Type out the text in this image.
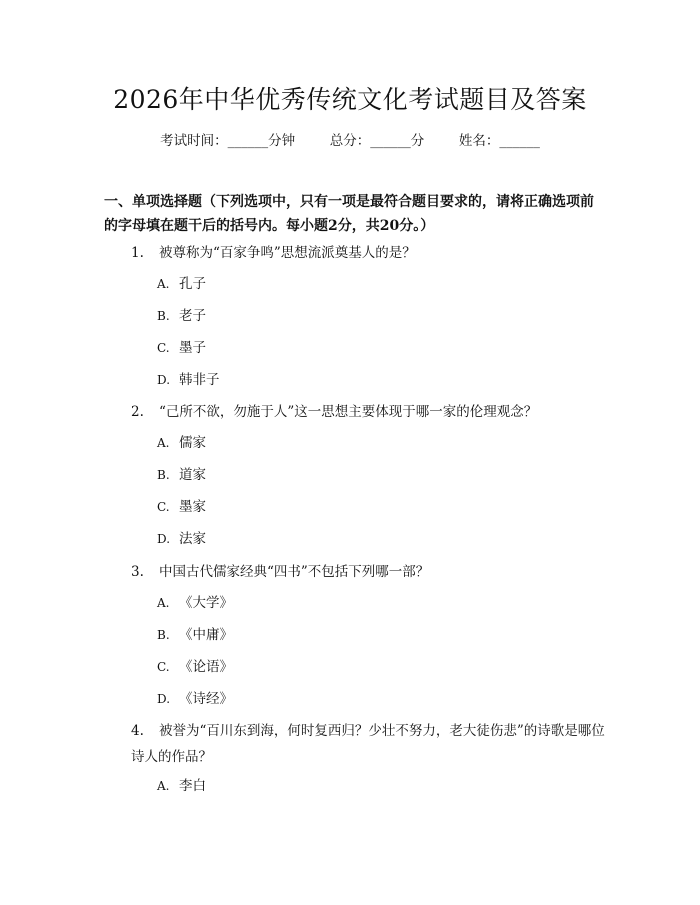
2026年中华优秀传统文化考试题目及答案
考试时间：______分钟	总分：______分	姓名：______
一、单项选择题（下列选项中，只有一项是最符合题目要求的，请将正确选项前的字母填在题干后的括号内。每小题2分，共20分。）
1. 被尊称为“百家争鸣”思想流派奠基人的是？
A. 孔子
B. 老子
C. 墨子
D. 韩非子
2. “己所不欲，勿施于人”这一思想主要体现于哪一家的伦理观念？
A. 儒家
B. 道家
C. 墨家
D. 法家
3. 中国古代儒家经典“四书”不包括下列哪一部？
A. 《大学》
B. 《中庸》
C. 《论语》
D. 《诗经》
4. 被誉为“百川东到海，何时复西归？少壮不努力，老大徒伤悲”的诗歌是哪位诗人的作品？
A. 李白
